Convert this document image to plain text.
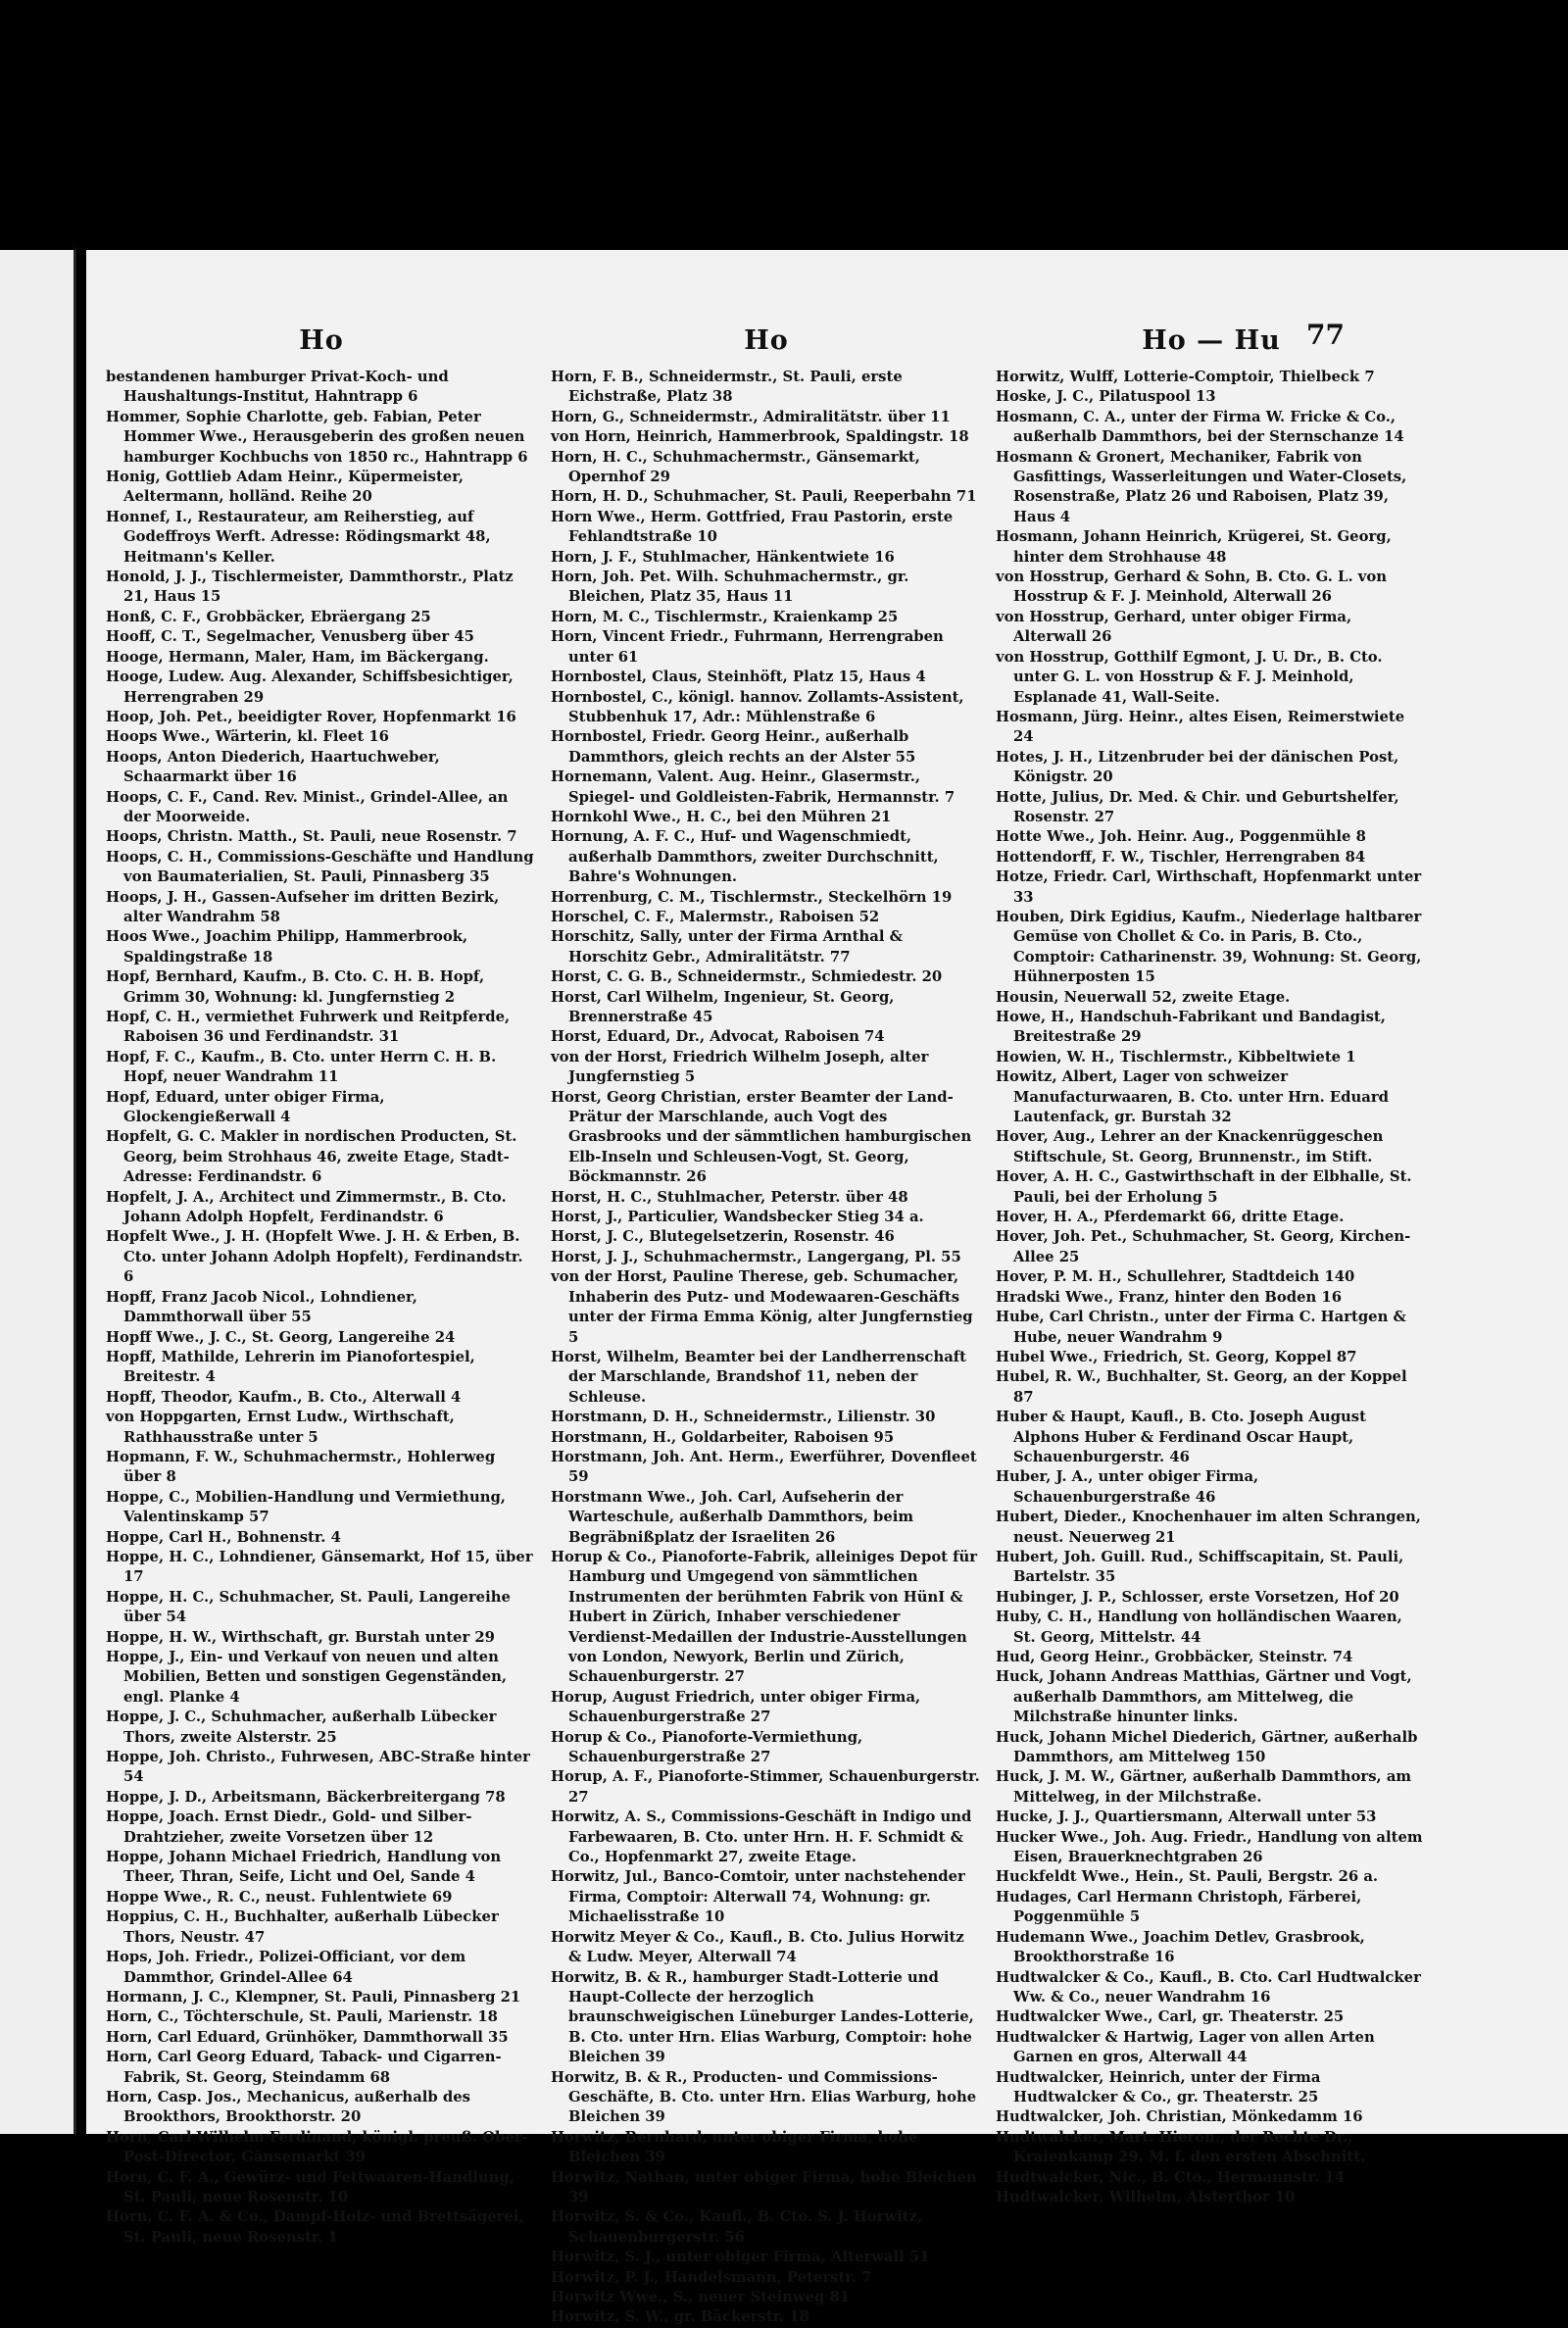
77
Ho
bestandenen hamburger Privat-Koch- und Haushaltungs-Institut, Hahntrapp 6
Hommer, Sophie Charlotte, geb. Fabian, Peter Hommer Wwe., Herausgeberin des großen neuen hamburger Kochbuchs von 1850 rc., Hahntrapp 6
Honig, Gottlieb Adam Heinr., Küpermeister, Aeltermann, holländ. Reihe 20
Honnef, I., Restaurateur, am Reiherstieg, auf Godeffroys Werft. Adresse: Rödingsmarkt 48, Heitmann's Keller.
Honold, J. J., Tischlermeister, Dammthorstr., Platz 21, Haus 15
Honß, C. F., Grobbäcker, Ebräergang 25
Hooff, C. T., Segelmacher, Venusberg über 45
Hooge, Hermann, Maler, Ham, im Bäckergang.
Hooge, Ludew. Aug. Alexander, Schiffsbesichtiger, Herrengraben 29
Hoop, Joh. Pet., beeidigter Rover, Hopfenmarkt 16
Hoops Wwe., Wärterin, kl. Fleet 16
Hoops, Anton Diederich, Haartuchweber, Schaarmarkt über 16
Hoops, C. F., Cand. Rev. Minist., Grindel-Allee, an der Moorweide.
Hoops, Christn. Matth., St. Pauli, neue Rosenstr. 7
Hoops, C. H., Commissions-Geschäfte und Handlung von Baumaterialien, St. Pauli, Pinnasberg 35
Hoops, J. H., Gassen-Aufseher im dritten Bezirk, alter Wandrahm 58
Hoos Wwe., Joachim Philipp, Hammerbrook, Spaldingstraße 18
Hopf, Bernhard, Kaufm., B. Cto. C. H. B. Hopf, Grimm 30, Wohnung: kl. Jungfernstieg 2
Hopf, C. H., vermiethet Fuhrwerk und Reitpferde, Raboisen 36 und Ferdinandstr. 31
Hopf, F. C., Kaufm., B. Cto. unter Herrn C. H. B. Hopf, neuer Wandrahm 11
Hopf, Eduard, unter obiger Firma, Glockengießerwall 4
Hopfelt, G. C. Makler in nordischen Producten, St. Georg, beim Strohhaus 46, zweite Etage, Stadt-Adresse: Ferdinandstr. 6
Hopfelt, J. A., Architect und Zimmermstr., B. Cto. Johann Adolph Hopfelt, Ferdinandstr. 6
Hopfelt Wwe., J. H. (Hopfelt Wwe. J. H. & Erben, B. Cto. unter Johann Adolph Hopfelt), Ferdinandstr. 6
Hopff, Franz Jacob Nicol., Lohndiener, Dammthorwall über 55
Hopff Wwe., J. C., St. Georg, Langereihe 24
Hopff, Mathilde, Lehrerin im Pianofortespiel, Breitestr. 4
Hopff, Theodor, Kaufm., B. Cto., Alterwall 4
von Hoppgarten, Ernst Ludw., Wirthschaft, Rathhausstraße unter 5
Hopmann, F. W., Schuhmachermstr., Hohlerweg über 8
Hoppe, C., Mobilien-Handlung und Vermiethung, Valentinskamp 57
Hoppe, Carl H., Bohnenstr. 4
Hoppe, H. C., Lohndiener, Gänsemarkt, Hof 15, über 17
Hoppe, H. C., Schuhmacher, St. Pauli, Langereihe über 54
Hoppe, H. W., Wirthschaft, gr. Burstah unter 29
Hoppe, J., Ein- und Verkauf von neuen und alten Mobilien, Betten und sonstigen Gegenständen, engl. Planke 4
Hoppe, J. C., Schuhmacher, außerhalb Lübecker Thors, zweite Alsterstr. 25
Hoppe, Joh. Christo., Fuhrwesen, ABC-Straße hinter 54
Hoppe, J. D., Arbeitsmann, Bäckerbreitergang 78
Hoppe, Joach. Ernst Diedr., Gold- und Silber-Drahtzieher, zweite Vorsetzen über 12
Hoppe, Johann Michael Friedrich, Handlung von Theer, Thran, Seife, Licht und Oel, Sande 4
Hoppe Wwe., R. C., neust. Fuhlentwiete 69
Hoppius, C. H., Buchhalter, außerhalb Lübecker Thors, Neustr. 47
Hops, Joh. Friedr., Polizei-Officiant, vor dem Dammthor, Grindel-Allee 64
Hormann, J. C., Klempner, St. Pauli, Pinnasberg 21
Horn, C., Töchterschule, St. Pauli, Marienstr. 18
Horn, Carl Eduard, Grünhöker, Dammthorwall 35
Horn, Carl Georg Eduard, Taback- und Cigarren-Fabrik, St. Georg, Steindamm 68
Horn, Casp. Jos., Mechanicus, außerhalb des Brookthors, Brookthorstr. 20
Horn, Carl Wilhelm Ferdinand, königl. preuß. Ober-Post-Director, Gänsemarkt 39
Horn, C. F. A., Gewürz- und Fettwaaren-Handlung, St. Pauli, neue Rosenstr. 10
Horn, C. F. A. & Co., Dampf-Holz- und Brettsägerei, St. Pauli, neue Rosenstr. 1
Ho
Horn, F. B., Schneidermstr., St. Pauli, erste Eichstraße, Platz 38
Horn, G., Schneidermstr., Admiralitätstr. über 11
von Horn, Heinrich, Hammerbrook, Spaldingstr. 18
Horn, H. C., Schuhmachermstr., Gänsemarkt, Opernhof 29
Horn, H. D., Schuhmacher, St. Pauli, Reeperbahn 71
Horn Wwe., Herm. Gottfried, Frau Pastorin, erste Fehlandtstraße 10
Horn, J. F., Stuhlmacher, Hänkentwiete 16
Horn, Joh. Pet. Wilh. Schuhmachermstr., gr. Bleichen, Platz 35, Haus 11
Horn, M. C., Tischlermstr., Kraienkamp 25
Horn, Vincent Friedr., Fuhrmann, Herrengraben unter 61
Hornbostel, Claus, Steinhöft, Platz 15, Haus 4
Hornbostel, C., königl. hannov. Zollamts-Assistent, Stubbenhuk 17, Adr.: Mühlenstraße 6
Hornbostel, Friedr. Georg Heinr., außerhalb Dammthors, gleich rechts an der Alster 55
Hornemann, Valent. Aug. Heinr., Glasermstr., Spiegel- und Goldleisten-Fabrik, Hermannstr. 7
Hornkohl Wwe., H. C., bei den Mühren 21
Hornung, A. F. C., Huf- und Wagenschmiedt, außerhalb Dammthors, zweiter Durchschnitt, Bahre's Wohnungen.
Horrenburg, C. M., Tischlermstr., Steckelhörn 19
Horschel, C. F., Malermstr., Raboisen 52
Horschitz, Sally, unter der Firma Arnthal & Horschitz Gebr., Admiralitätstr. 77
Horst, C. G. B., Schneidermstr., Schmiedestr. 20
Horst, Carl Wilhelm, Ingenieur, St. Georg, Brennerstraße 45
Horst, Eduard, Dr., Advocat, Raboisen 74
von der Horst, Friedrich Wilhelm Joseph, alter Jungfernstieg 5
Horst, Georg Christian, erster Beamter der Land-Prätur der Marschlande, auch Vogt des Grasbrooks und der sämmtlichen hamburgischen Elb-Inseln und Schleusen-Vogt, St. Georg, Böckmannstr. 26
Horst, H. C., Stuhlmacher, Peterstr. über 48
Horst, J., Particulier, Wandsbecker Stieg 34 a.
Horst, J. C., Blutegelsetzerin, Rosenstr. 46
Horst, J. J., Schuhmachermstr., Langergang, Pl. 55
von der Horst, Pauline Therese, geb. Schumacher, Inhaberin des Putz- und Modewaaren-Geschäfts unter der Firma Emma König, alter Jungfernstieg 5
Horst, Wilhelm, Beamter bei der Landherrenschaft der Marschlande, Brandshof 11, neben der Schleuse.
Horstmann, D. H., Schneidermstr., Lilienstr. 30
Horstmann, H., Goldarbeiter, Raboisen 95
Horstmann, Joh. Ant. Herm., Ewerführer, Dovenfleet 59
Horstmann Wwe., Joh. Carl, Aufseherin der Warteschule, außerhalb Dammthors, beim Begräbnißplatz der Israeliten 26
Horup & Co., Pianoforte-Fabrik, alleiniges Depot für Hamburg und Umgegend von sämmtlichen Instrumenten der berühmten Fabrik von HünI & Hubert in Zürich, Inhaber verschiedener Verdienst-Medaillen der Industrie-Ausstellungen von London, Newyork, Berlin und Zürich, Schauenburgerstr. 27
Horup, August Friedrich, unter obiger Firma, Schauenburgerstraße 27
Horup & Co., Pianoforte-Vermiethung, Schauenburgerstraße 27
Horup, A. F., Pianoforte-Stimmer, Schauenburgerstr. 27
Horwitz, A. S., Commissions-Geschäft in Indigo und Farbewaaren, B. Cto. unter Hrn. H. F. Schmidt & Co., Hopfenmarkt 27, zweite Etage.
Horwitz, Jul., Banco-Comtoir, unter nachstehender Firma, Comptoir: Alterwall 74, Wohnung: gr. Michaelisstraße 10
Horwitz Meyer & Co., Kaufl., B. Cto. Julius Horwitz & Ludw. Meyer, Alterwall 74
Horwitz, B. & R., hamburger Stadt-Lotterie und Haupt-Collecte der herzoglich braunschweigischen Lüneburger Landes-Lotterie, B. Cto. unter Hrn. Elias Warburg, Comptoir: hohe Bleichen 39
Horwitz, B. & R., Producten- und Commissions-Geschäfte, B. Cto. unter Hrn. Elias Warburg, hohe Bleichen 39
Horwitz, Bernhard, unter obiger Firma, hohe Bleichen 39
Horwitz, Nathan, unter obiger Firma, hohe Bleichen 39
Horwitz, S. & Co., Kaufl., B. Cto. S. J. Horwitz, Schauenburgerstr. 56
Horwitz, S. J., unter obiger Firma, Alterwall 51
Horwitz, P. J., Handelsmann, Peterstr. 7
Horwitz Wwe., S., neuer Steinweg 81
Horwitz, S. W., gr. Bäckerstr. 18
Ho — Hu
Horwitz, Wulff, Lotterie-Comptoir, Thielbeck 7
Hoske, J. C., Pilatuspool 13
Hosmann, C. A., unter der Firma W. Fricke & Co., außerhalb Dammthors, bei der Sternschanze 14
Hosmann & Gronert, Mechaniker, Fabrik von Gasfittings, Wasserleitungen und Water-Closets, Rosenstraße, Platz 26 und Raboisen, Platz 39, Haus 4
Hosmann, Johann Heinrich, Krügerei, St. Georg, hinter dem Strohhause 48
von Hosstrup, Gerhard & Sohn, B. Cto. G. L. von Hosstrup & F. J. Meinhold, Alterwall 26
von Hosstrup, Gerhard, unter obiger Firma, Alterwall 26
von Hosstrup, Gotthilf Egmont, J. U. Dr., B. Cto. unter G. L. von Hosstrup & F. J. Meinhold, Esplanade 41, Wall-Seite.
Hosmann, Jürg. Heinr., altes Eisen, Reimerstwiete 24
Hotes, J. H., Litzenbruder bei der dänischen Post, Königstr. 20
Hotte, Julius, Dr. Med. & Chir. und Geburtshelfer, Rosenstr. 27
Hotte Wwe., Joh. Heinr. Aug., Poggenmühle 8
Hottendorff, F. W., Tischler, Herrengraben 84
Hotze, Friedr. Carl, Wirthschaft, Hopfenmarkt unter 33
Houben, Dirk Egidius, Kaufm., Niederlage haltbarer Gemüse von Chollet & Co. in Paris, B. Cto., Comptoir: Catharinenstr. 39, Wohnung: St. Georg, Hühnerposten 15
Housin, Neuerwall 52, zweite Etage.
Howe, H., Handschuh-Fabrikant und Bandagist, Breitestraße 29
Howien, W. H., Tischlermstr., Kibbeltwiete 1
Howitz, Albert, Lager von schweizer Manufacturwaaren, B. Cto. unter Hrn. Eduard Lautenfack, gr. Burstah 32
Hover, Aug., Lehrer an der Knackenrüggeschen Stiftschule, St. Georg, Brunnenstr., im Stift.
Hover, A. H. C., Gastwirthschaft in der Elbhalle, St. Pauli, bei der Erholung 5
Hover, H. A., Pferdemarkt 66, dritte Etage.
Hover, Joh. Pet., Schuhmacher, St. Georg, Kirchen-Allee 25
Hover, P. M. H., Schullehrer, Stadtdeich 140
Hradski Wwe., Franz, hinter den Boden 16
Hube, Carl Christn., unter der Firma C. Hartgen & Hube, neuer Wandrahm 9
Hubel Wwe., Friedrich, St. Georg, Koppel 87
Hubel, R. W., Buchhalter, St. Georg, an der Koppel 87
Huber & Haupt, Kaufl., B. Cto. Joseph August Alphons Huber & Ferdinand Oscar Haupt, Schauenburgerstr. 46
Huber, J. A., unter obiger Firma, Schauenburgerstraße 46
Hubert, Dieder., Knochenhauer im alten Schrangen, neust. Neuerweg 21
Hubert, Joh. Guill. Rud., Schiffscapitain, St. Pauli, Bartelstr. 35
Hubinger, J. P., Schlosser, erste Vorsetzen, Hof 20
Huby, C. H., Handlung von holländischen Waaren, St. Georg, Mittelstr. 44
Hud, Georg Heinr., Grobbäcker, Steinstr. 74
Huck, Johann Andreas Matthias, Gärtner und Vogt, außerhalb Dammthors, am Mittelweg, die Milchstraße hinunter links.
Huck, Johann Michel Diederich, Gärtner, außerhalb Dammthors, am Mittelweg 150
Huck, J. M. W., Gärtner, außerhalb Dammthors, am Mittelweg, in der Milchstraße.
Hucke, J. J., Quartiersmann, Alterwall unter 53
Hucker Wwe., Joh. Aug. Friedr., Handlung von altem Eisen, Brauerknechtgraben 26
Huckfeldt Wwe., Hein., St. Pauli, Bergstr. 26 a.
Hudages, Carl Hermann Christoph, Färberei, Poggenmühle 5
Hudemann Wwe., Joachim Detlev, Grasbrook, Brookthorstraße 16
Hudtwalcker & Co., Kaufl., B. Cto. Carl Hudtwalcker Ww. & Co., neuer Wandrahm 16
Hudtwalcker Wwe., Carl, gr. Theaterstr. 25
Hudtwalcker & Hartwig, Lager von allen Arten Garnen en gros, Alterwall 44
Hudtwalcker, Heinrich, unter der Firma Hudtwalcker & Co., gr. Theaterstr. 25
Hudtwalcker, Joh. Christian, Mönkedamm 16
Hudtwalcker, Mart. Hieron., der Rechte Dr., Kraienkamp 29. M. f. den ersten Abschnitt.
Hudtwalcker, Nic., B. Cto., Hermannstr. 14
Hudtwalcker, Wilhelm, Alsterthor 10
